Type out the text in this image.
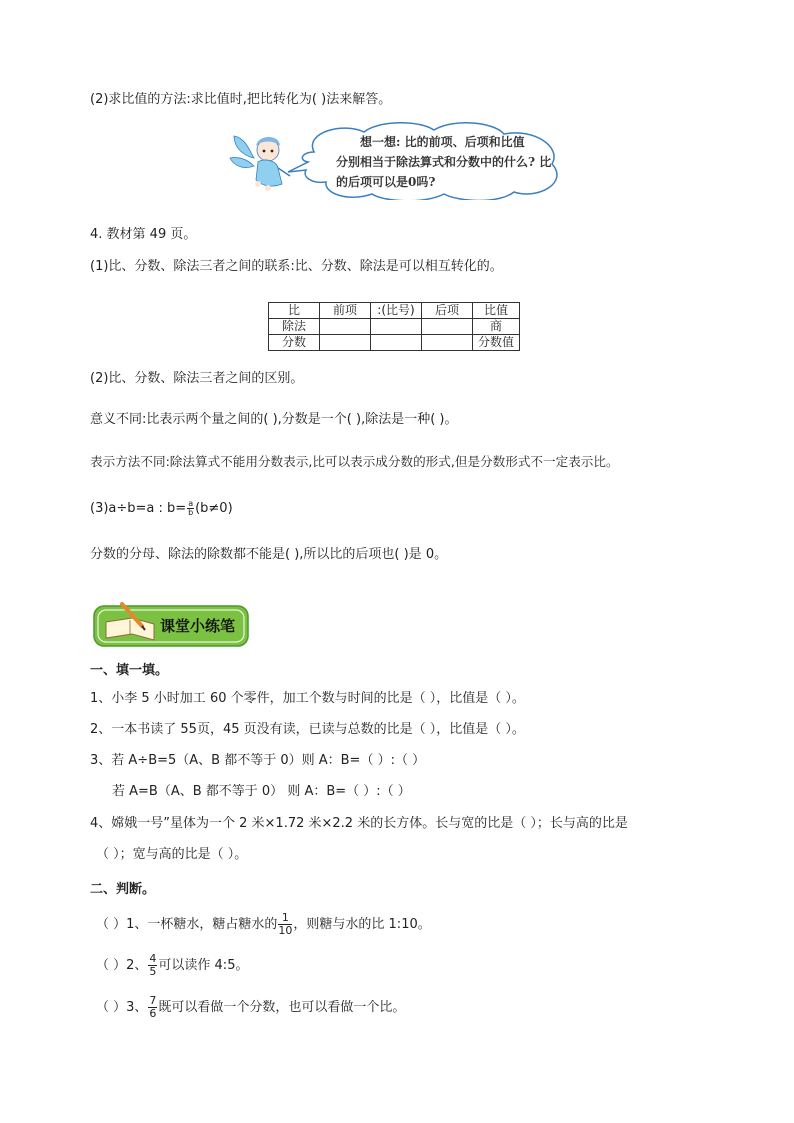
(2)求比值的方法:求比值时,把比转化为( )法来解答。
想一想: 比的前项、后项和比值
分别相当于除法算式和分数中的什么? 比
的后项可以是0吗?
4. 教材第 49 页。
(1)比、分数、除法三者之间的联系:比、分数、除法是可以相互转化的。
比	前项	:(比号)	后项	比值
除法				商
分数				分数值
(2)比、分数、除法三者之间的区别。
意义不同:比表示两个量之间的( ),分数是一个( ),除法是一种( )。
表示方法不同:除法算式不能用分数表示,比可以表示成分数的形式,但是分数形式不一定表示比。
(3)a÷b=a : $b= \frac{a}{b} (b\ne 0)$
分数的分母、除法的除数都不能是( ),所以比的后项也( )是 0。
课堂小练笔
一、填一填。
1、小李 5 小时加工 60 个零件，加工个数与时间的比是（ ），比值是（ ）。
2、一本书读了 55页，45 页没有读，已读与总数的比是（ ），比值是（ ）。
3、若 A÷B=5（A、B 都不等于 0）则 A：B=（ ）:（ ）
若 A=B（A、B 都不等于 0） 则 A：B=（ ）:（ ）
4、嫦娥一号”星体为一个 2 米×1.72 米×2.2 米的长方体。长与宽的比是（ ）；长与高的比是
（ ）；宽与高的比是（ ）。
二、判断。
（ ）1、一杯糖水，糖占糖水的 $\frac{1}{10}$ ，则糖与水的比 1:10。
（ ）2、 $\frac{4}{5}$ 可以读作 4:5。
（ ）3、 $\frac{7}{6}$ 既可以看做一个分数，也可以看做一个比。
